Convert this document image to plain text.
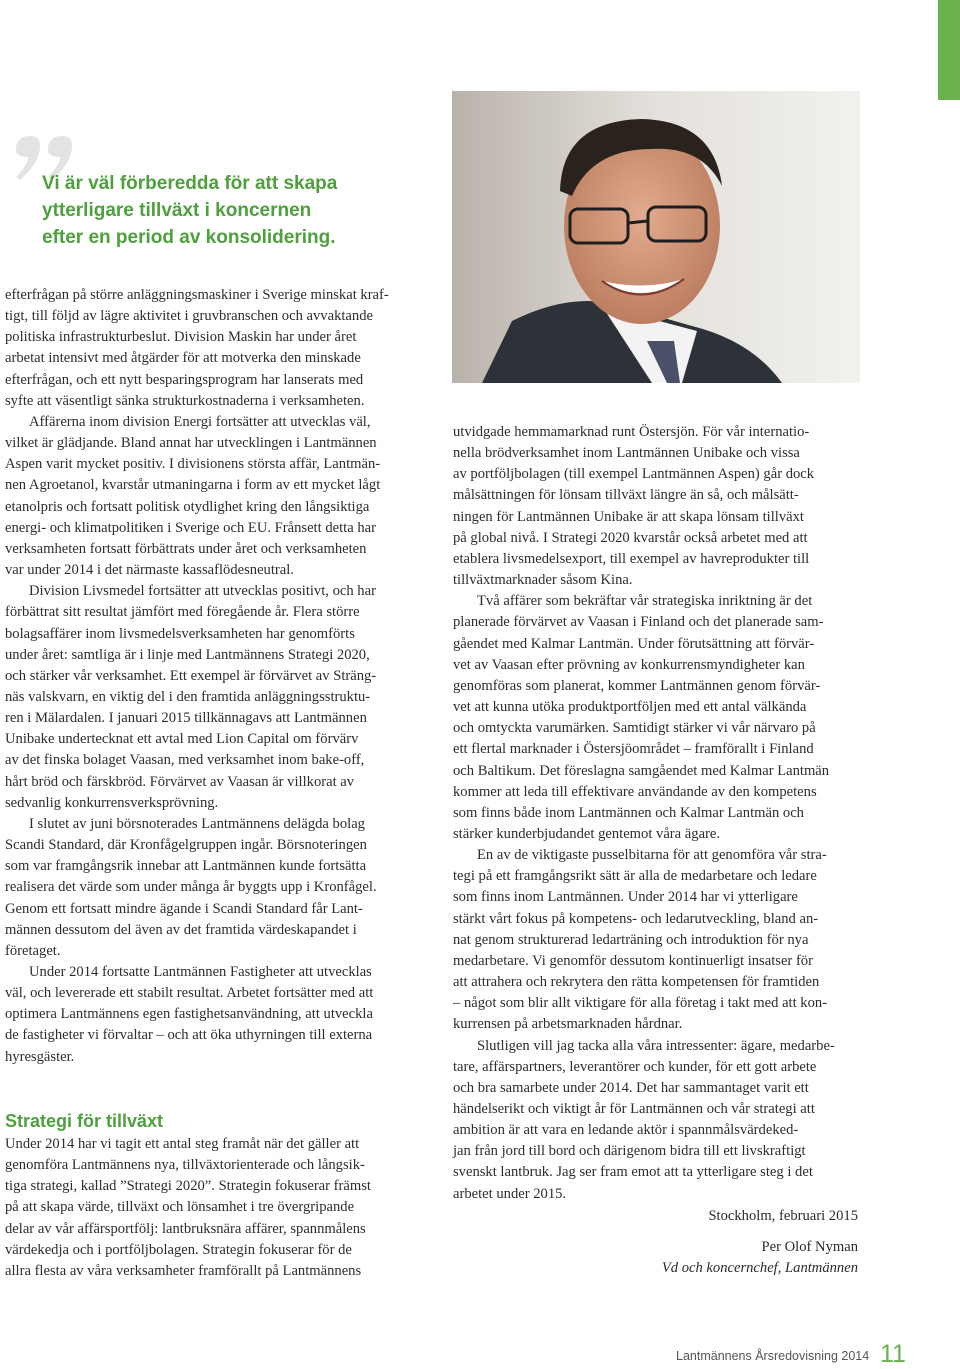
Vi är väl förberedda för att skapa
ytterligare tillväxt i koncernen
efter en period av konsolidering.

efterfrågan på större anläggningsmaskiner i Sverige minskat kraf-
tigt, till följd av lägre aktivitet i gruvbranschen och avvaktande
politiska infrastrukturbeslut. Division Maskin har under året
arbetat intensivt med åtgärder för att motverka den minskade
efterfrågan, och ett nytt besparingsprogram har lanserats med
syfte att väsentligt sänka strukturkostnaderna i verksamheten.

Affärerna inom division Energi fortsätter att utvecklas väl,
vilket är glädjande. Bland annat har utvecklingen i Lantmännen
Aspen varit mycket positiv. I divisionens största affär, Lantmän-
nen Agroetanol, kvarstår utmaningarna i form av ett mycket lågt
etanolpris och fortsatt politisk otydlighet kring den långsiktiga
energi- och klimatpolitiken i Sverige och EU. Frånsett detta har
verksamheten fortsatt förbättrats under året och verksamheten
var under 2014 i det närmaste kassaflödesneutral.

Division Livsmedel fortsätter att utvecklas positivt, och har
förbättrat sitt resultat jämfört med föregående år. Flera större
bolagsaffärer inom livsmedelsverksamheten har genomförts
under året: samtliga är i linje med Lantmännens Strategi 2020,
och stärker vår verksamhet. Ett exempel är förvärvet av Sträng-
näs valskvarn, en viktig del i den framtida anläggningsstruktu-
ren i Mälardalen. I januari 2015 tillkännagavs att Lantmännen
Unibake undertecknat ett avtal med Lion Capital om förvärv
av det finska bolaget Vaasan, med verksamhet inom bake-off,
hårt bröd och färskbröd. Förvärvet av Vaasan är villkorat av
sedvanlig konkurrensverksprövning.

I slutet av juni börsnoterades Lantmännens delägda bolag
Scandi Standard, där Kronfågelgruppen ingår. Börsnoteringen
som var framgångsrik innebar att Lantmännen kunde fortsätta
realisera det värde som under många år byggts upp i Kronfågel.
Genom ett fortsatt mindre ägande i Scandi Standard får Lant-
männen dessutom del även av det framtida värdeskapandet i
företaget.

Under 2014 fortsatte Lantmännen Fastigheter att utvecklas
väl, och levererade ett stabilt resultat. Arbetet fortsätter med att
optimera Lantmännens egen fastighetsanvändning, att utveckla
de fastigheter vi förvaltar – och att öka uthyrningen till externa
hyresgäster.

Strategi för tillväxt

Under 2014 har vi tagit ett antal steg framåt när det gäller att
genomföra Lantmännens nya, tillväxtorienterade och långsik-
tiga strategi, kallad ”Strategi 2020”. Strategin fokuserar främst
på att skapa värde, tillväxt och lönsamhet i tre övergripande
delar av vår affärsportfölj: lantbruksnära affärer, spannmålens
värdekedja och i portföljbolagen. Strategin fokuserar för de
allra flesta av våra verksamheter framförallt på Lantmännens

utvidgade hemmamarknad runt Östersjön. För vår internatio-
nella brödverksamhet inom Lantmännen Unibake och vissa
av portföljbolagen (till exempel Lantmännen Aspen) går dock
målsättningen för lönsam tillväxt längre än så, och målsätt-
ningen för Lantmännen Unibake är att skapa lönsam tillväxt
på global nivå. I Strategi 2020 kvarstår också arbetet med att
etablera livsmedelsexport, till exempel av havreprodukter till
tillväxtmarknader såsom Kina.

Två affärer som bekräftar vår strategiska inriktning är det
planerade förvärvet av Vaasan i Finland och det planerade sam-
gåendet med Kalmar Lantmän. Under förutsättning att förvär-
vet av Vaasan efter prövning av konkurrensmyndigheter kan
genomföras som planerat, kommer Lantmännen genom förvär-
vet att kunna utöka produktportföljen med ett antal välkända
och omtyckta varumärken. Samtidigt stärker vi vår närvaro på
ett flertal marknader i Östersjöområdet – framförallt i Finland
och Baltikum. Det föreslagna samgåendet med Kalmar Lantmän
kommer att leda till effektivare användande av den kompetens
som finns både inom Lantmännen och Kalmar Lantmän och
stärker kunderbjudandet gentemot våra ägare.

En av de viktigaste pusselbitarna för att genomföra vår stra-
tegi på ett framgångsrikt sätt är alla de medarbetare och ledare
som finns inom Lantmännen. Under 2014 har vi ytterligare
stärkt vårt fokus på kompetens- och ledarutveckling, bland an-
nat genom strukturerad ledarträning och introduktion för nya
medarbetare. Vi genomför dessutom kontinuerligt insatser för
att attrahera och rekrytera den rätta kompetensen för framtiden
– något som blir allt viktigare för alla företag i takt med att kon-
kurrensen på arbetsmarknaden hårdnar.

Slutligen vill jag tacka alla våra intressenter: ägare, medarbe-
tare, affärspartners, leverantörer och kunder, för ett gott arbete
och bra samarbete under 2014. Det har sammantaget varit ett
händelserikt och viktigt år för Lantmännen och vår strategi att
ambition är att vara en ledande aktör i spannmålsvärdeked-
jan från jord till bord och därigenom bidra till ett livskraftigt
svenskt lantbruk. Jag ser fram emot att ta ytterligare steg i det
arbetet under 2015.

Stockholm, februari 2015
Per Olof Nyman
Vd och koncernchef, Lantmännen
Lantmännens Årsredovisning 2014 11
